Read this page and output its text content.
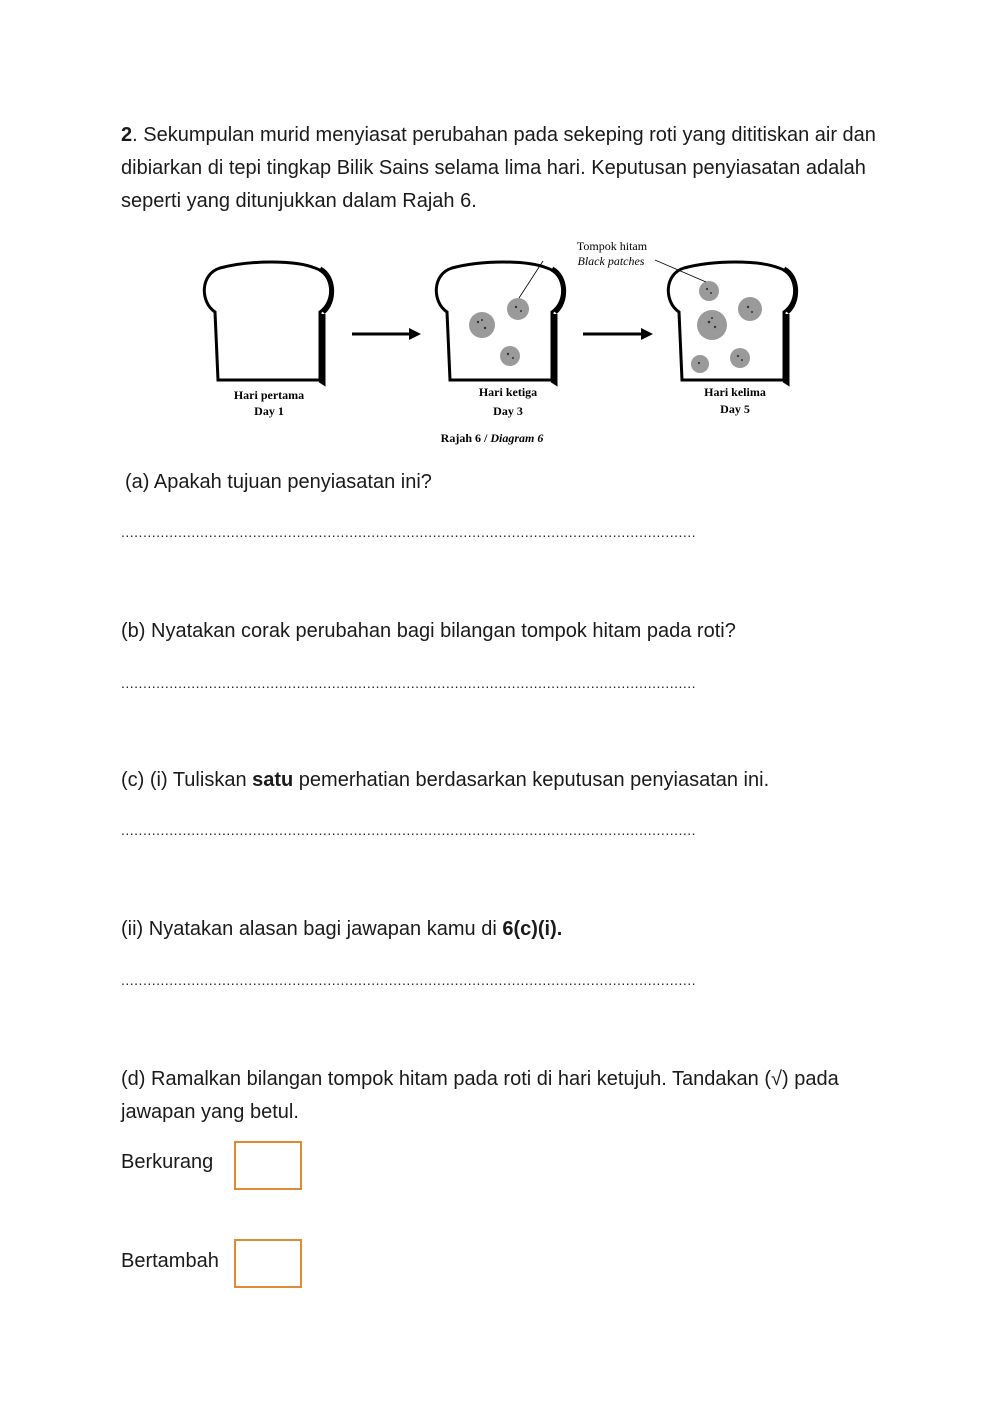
2. Sekumpulan murid menyiasat perubahan pada sekeping roti yang dititiskan air dan dibiarkan di tepi tingkap Bilik Sains selama lima hari. Keputusan penyiasatan adalah seperti yang ditunjukkan dalam Rajah 6.
Tompok hitam
Black patches
Hari pertama
Day 1
Hari ketiga
Day 3
Hari kelima
Day 5
Rajah 6 / Diagram 6
(a) Apakah tujuan penyiasatan ini?
...................................................................................................................................
(b) Nyatakan corak perubahan bagi bilangan tompok hitam pada roti?
...................................................................................................................................
(c) (i) Tuliskan satu pemerhatian berdasarkan keputusan penyiasatan ini.
...................................................................................................................................
(ii) Nyatakan alasan bagi jawapan kamu di 6(c)(i).
...................................................................................................................................
(d) Ramalkan bilangan tompok hitam pada roti di hari ketujuh. Tandakan (√) pada jawapan yang betul.
Berkurang
Bertambah
